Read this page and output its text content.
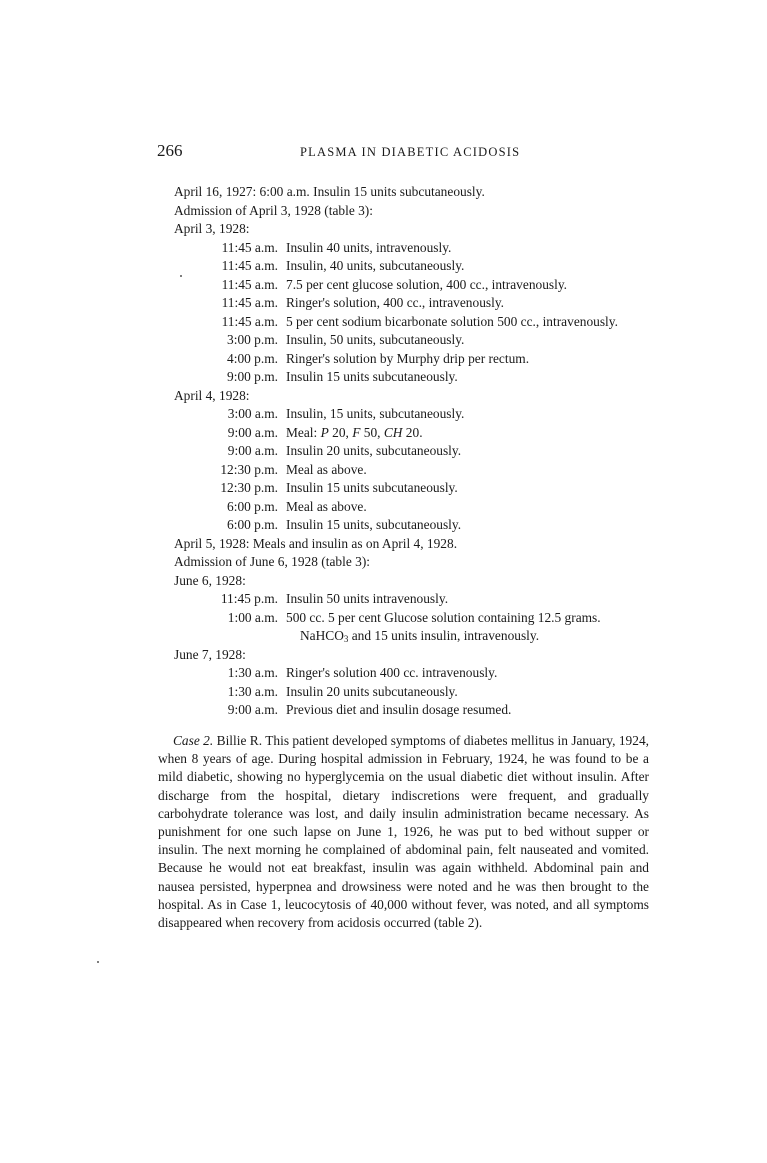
266	PLASMA IN DIABETIC ACIDOSIS
April 16, 1927: 6:00 a.m. Insulin 15 units subcutaneously.
Admission of April 3, 1928 (table 3):
April 3, 1928:
11:45 a.m. Insulin 40 units, intravenously.
11:45 a.m. Insulin, 40 units, subcutaneously.
11:45 a.m. 7.5 per cent glucose solution, 400 cc., intravenously.
11:45 a.m. Ringer's solution, 400 cc., intravenously.
11:45 a.m. 5 per cent sodium bicarbonate solution 500 cc., intravenously.
3:00 p.m. Insulin, 50 units, subcutaneously.
4:00 p.m. Ringer's solution by Murphy drip per rectum.
9:00 p.m. Insulin 15 units subcutaneously.
April 4, 1928:
3:00 a.m. Insulin, 15 units, subcutaneously.
9:00 a.m. Meal: P 20, F 50, CH 20.
9:00 a.m. Insulin 20 units, subcutaneously.
12:30 p.m. Meal as above.
12:30 p.m. Insulin 15 units subcutaneously.
6:00 p.m. Meal as above.
6:00 p.m. Insulin 15 units, subcutaneously.
April 5, 1928: Meals and insulin as on April 4, 1928.
Admission of June 6, 1928 (table 3):
June 6, 1928:
11:45 p.m. Insulin 50 units intravenously.
1:00 a.m. 500 cc. 5 per cent Glucose solution containing 12.5 grams.
NaHCO$_3$ and 15 units insulin, intravenously.
June 7, 1928:
1:30 a.m. Ringer's solution 400 cc. intravenously.
1:30 a.m. Insulin 20 units subcutaneously.
9:00 a.m. Previous diet and insulin dosage resumed.

Case 2. Billie R. This patient developed symptoms of diabetes mellitus in January, 1924, when 8 years of age. During hospital admission in February, 1924, he was found to be a mild diabetic, showing no hyperglycemia on the usual diabetic diet without insulin. After discharge from the hospital, dietary indiscretions were frequent, and gradually carbohydrate tolerance was lost, and daily insulin administration became necessary. As punishment for one such lapse on June 1, 1926, he was put to bed without supper or insulin. The next morning he complained of abdominal pain, felt nauseated and vomited. Because he would not eat breakfast, insulin was again withheld. Abdominal pain and nausea persisted, hyperpnea and drowsiness were noted and he was then brought to the hospital. As in Case 1, leucocytosis of 40,000 without fever, was noted, and all symptoms disappeared when recovery from acidosis occurred (table 2).
